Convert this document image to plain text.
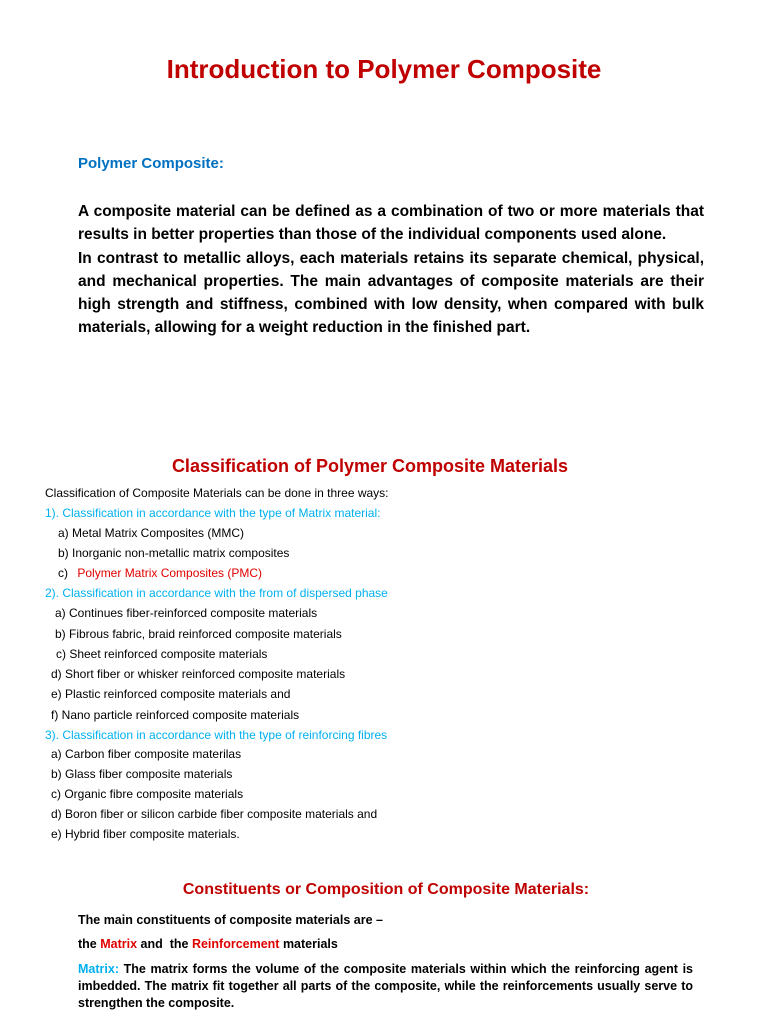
Introduction to Polymer Composite
Polymer Composite:

A composite material can be defined as a combination of two or more materials that results in better properties than those of the individual components used alone.

In contrast to metallic alloys, each materials retains its separate chemical, physical, and mechanical properties. The main advantages of composite materials are their high strength and stiffness, combined with low density, when compared with bulk materials, allowing for a weight reduction in the finished part.

Classification of Polymer Composite Materials
Classification of Composite Materials can be done in three ways:
1). Classification in accordance with the type of Matrix material:
a) Metal Matrix Composites (MMC)
b) Inorganic non-metallic matrix composites
c) Polymer Matrix Composites (PMC)
2). Classification in accordance with the from of dispersed phase
a) Continues fiber-reinforced composite materials
b) Fibrous fabric, braid reinforced composite materials
c) Sheet reinforced composite materials
d) Short fiber or whisker reinforced composite materials
e) Plastic reinforced composite materials and
f) Nano particle reinforced composite materials
3). Classification in accordance with the type of reinforcing fibres
a) Carbon fiber composite materilas
b) Glass fiber composite materials
c) Organic fibre composite materials
d) Boron fiber or silicon carbide fiber composite materials and
e) Hybrid fiber composite materials.
Constituents or Composition of Composite Materials:
The main constituents of composite materials are –
the Matrix and  the Reinforcement materials
Matrix: The matrix forms the volume of the composite materials within which the reinforcing agent is imbedded. The matrix fit together all parts of the composite, while the reinforcements usually serve to strengthen the composite.
